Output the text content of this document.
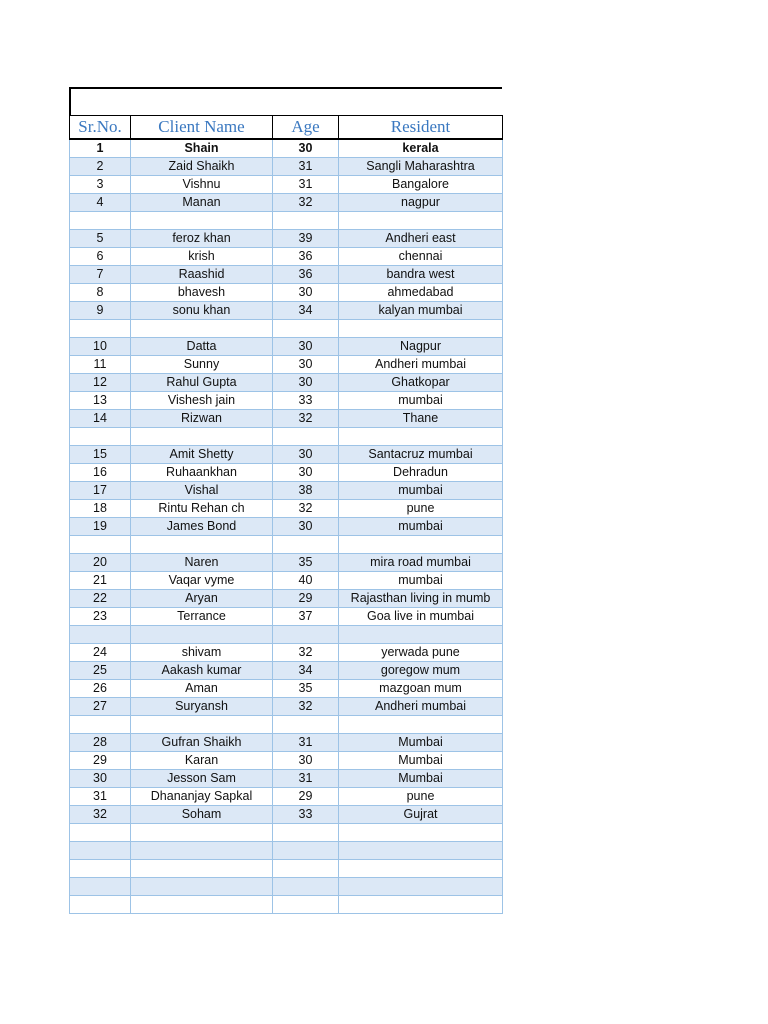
Sr.No.	Client Name	Age	Resident
1	Shain	30	kerala
2	Zaid Shaikh	31	Sangli Maharashtra
3	Vishnu	31	Bangalore
4	Manan	32	nagpur

5	feroz khan	39	Andheri east
6	krish	36	chennai
7	Raashid	36	bandra west
8	bhavesh	30	ahmedabad
9	sonu khan	34	kalyan mumbai

10	Datta	30	Nagpur
11	Sunny	30	Andheri mumbai
12	Rahul Gupta	30	Ghatkopar
13	Vishesh jain	33	mumbai
14	Rizwan	32	Thane

15	Amit Shetty	30	Santacruz mumbai
16	Ruhaankhan	30	Dehradun
17	Vishal	38	mumbai
18	Rintu Rehan ch	32	pune
19	James Bond	30	mumbai

20	Naren	35	mira road mumbai
21	Vaqar vyme	40	mumbai
22	Aryan	29	Rajasthan living in mumb
23	Terrance	37	Goa live in mumbai

24	shivam	32	yerwada pune
25	Aakash kumar	34	goregow mum
26	Aman	35	mazgoan mum
27	Suryansh	32	Andheri mumbai

28	Gufran Shaikh	31	Mumbai
29	Karan	30	Mumbai
30	Jesson Sam	31	Mumbai
31	Dhananjay Sapkal	29	pune
32	Soham	33	Gujrat
